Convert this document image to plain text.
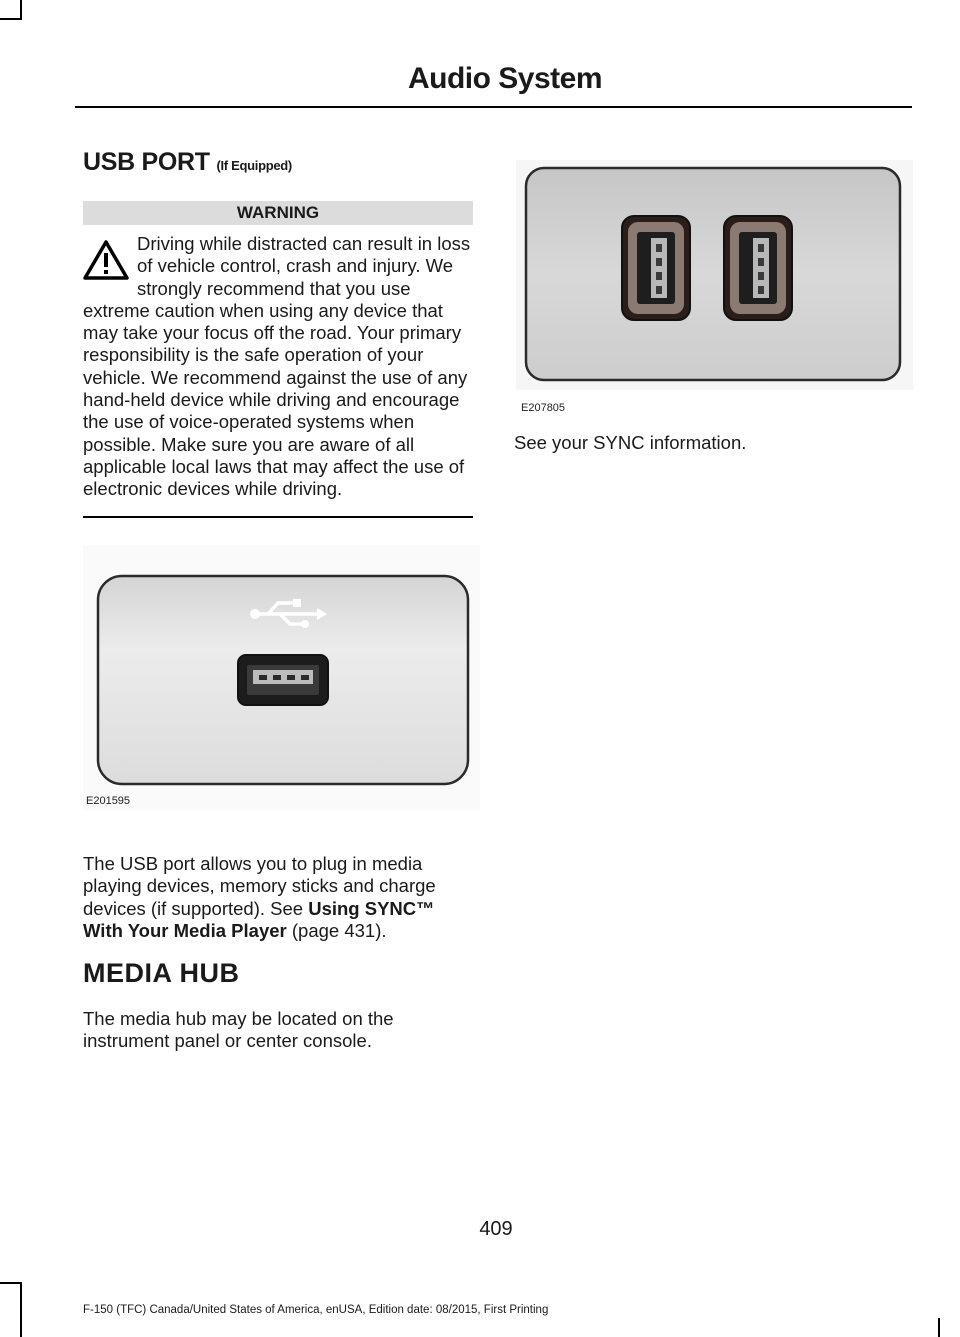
Audio System
USB PORT (If Equipped)
WARNING
Driving while distracted can result in loss of vehicle control, crash and injury. We strongly recommend that you use extreme caution when using any device that may take your focus off the road. Your primary responsibility is the safe operation of your vehicle. We recommend against the use of any hand-held device while driving and encourage the use of voice-operated systems when possible. Make sure you are aware of all applicable local laws that may affect the use of electronic devices while driving.
E201595
The USB port allows you to plug in media playing devices, memory sticks and charge devices (if supported). See Using SYNC™ With Your Media Player (page 431).
MEDIA HUB
The media hub may be located on the instrument panel or center console.
E207805
See your SYNC information.
409
F-150 (TFC) Canada/United States of America, enUSA, Edition date: 08/2015, First Printing
